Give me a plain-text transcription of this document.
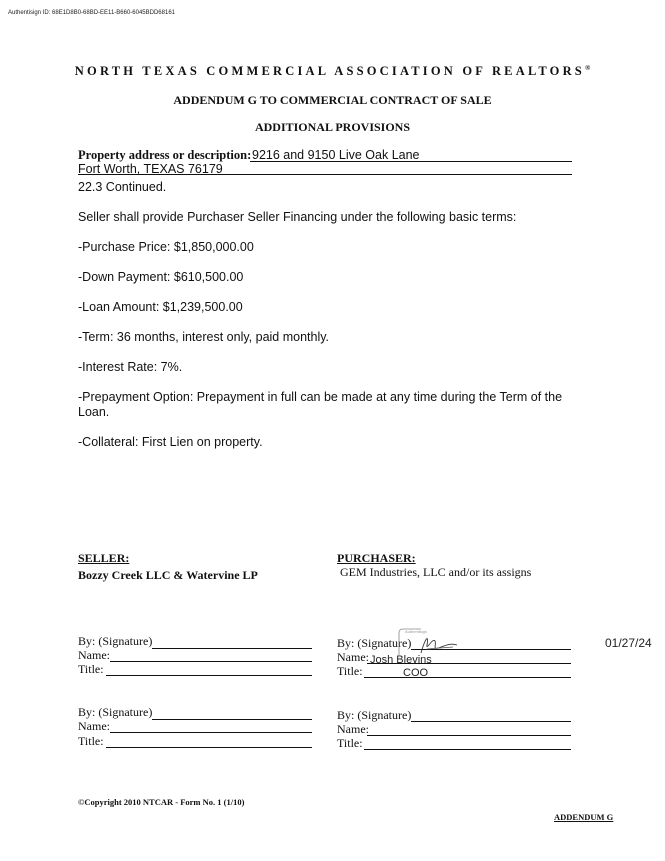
Authentisign ID: 68E1D8B0-68BD-EE11-B660-6045BDD68161
NORTH TEXAS COMMERCIAL ASSOCIATION OF REALTORS®
ADDENDUM G TO COMMERCIAL CONTRACT OF SALE
ADDITIONAL PROVISIONS
Property address or description: 9216 and 9150 Live Oak Lane
Fort Worth, TEXAS 76179
22.3 Continued.
Seller shall provide Purchaser Seller Financing under the following basic terms:
-Purchase Price: $1,850,000.00
-Down Payment: $610,500.00
-Loan Amount: $1,239,500.00
-Term: 36 months, interest only, paid monthly.
-Interest Rate: 7%.
-Prepayment Option: Prepayment in full can be made at any time during the Term of the Loan.
-Collateral: First Lien on property.
SELLER:
Bozzy Creek LLC & Watervine LP
PURCHASER:
GEM Industries, LLC and/or its assigns
By: (Signature)
Name:
Title:
By: (Signature)
Name:
Title:
By: (Signature)
Name:
Title:
Authentisign
Josh Blevins
COO
01/27/24
By: (Signature)
Name:
Title:
©Copyright 2010 NTCAR - Form No. 1 (1/10)
ADDENDUM G
